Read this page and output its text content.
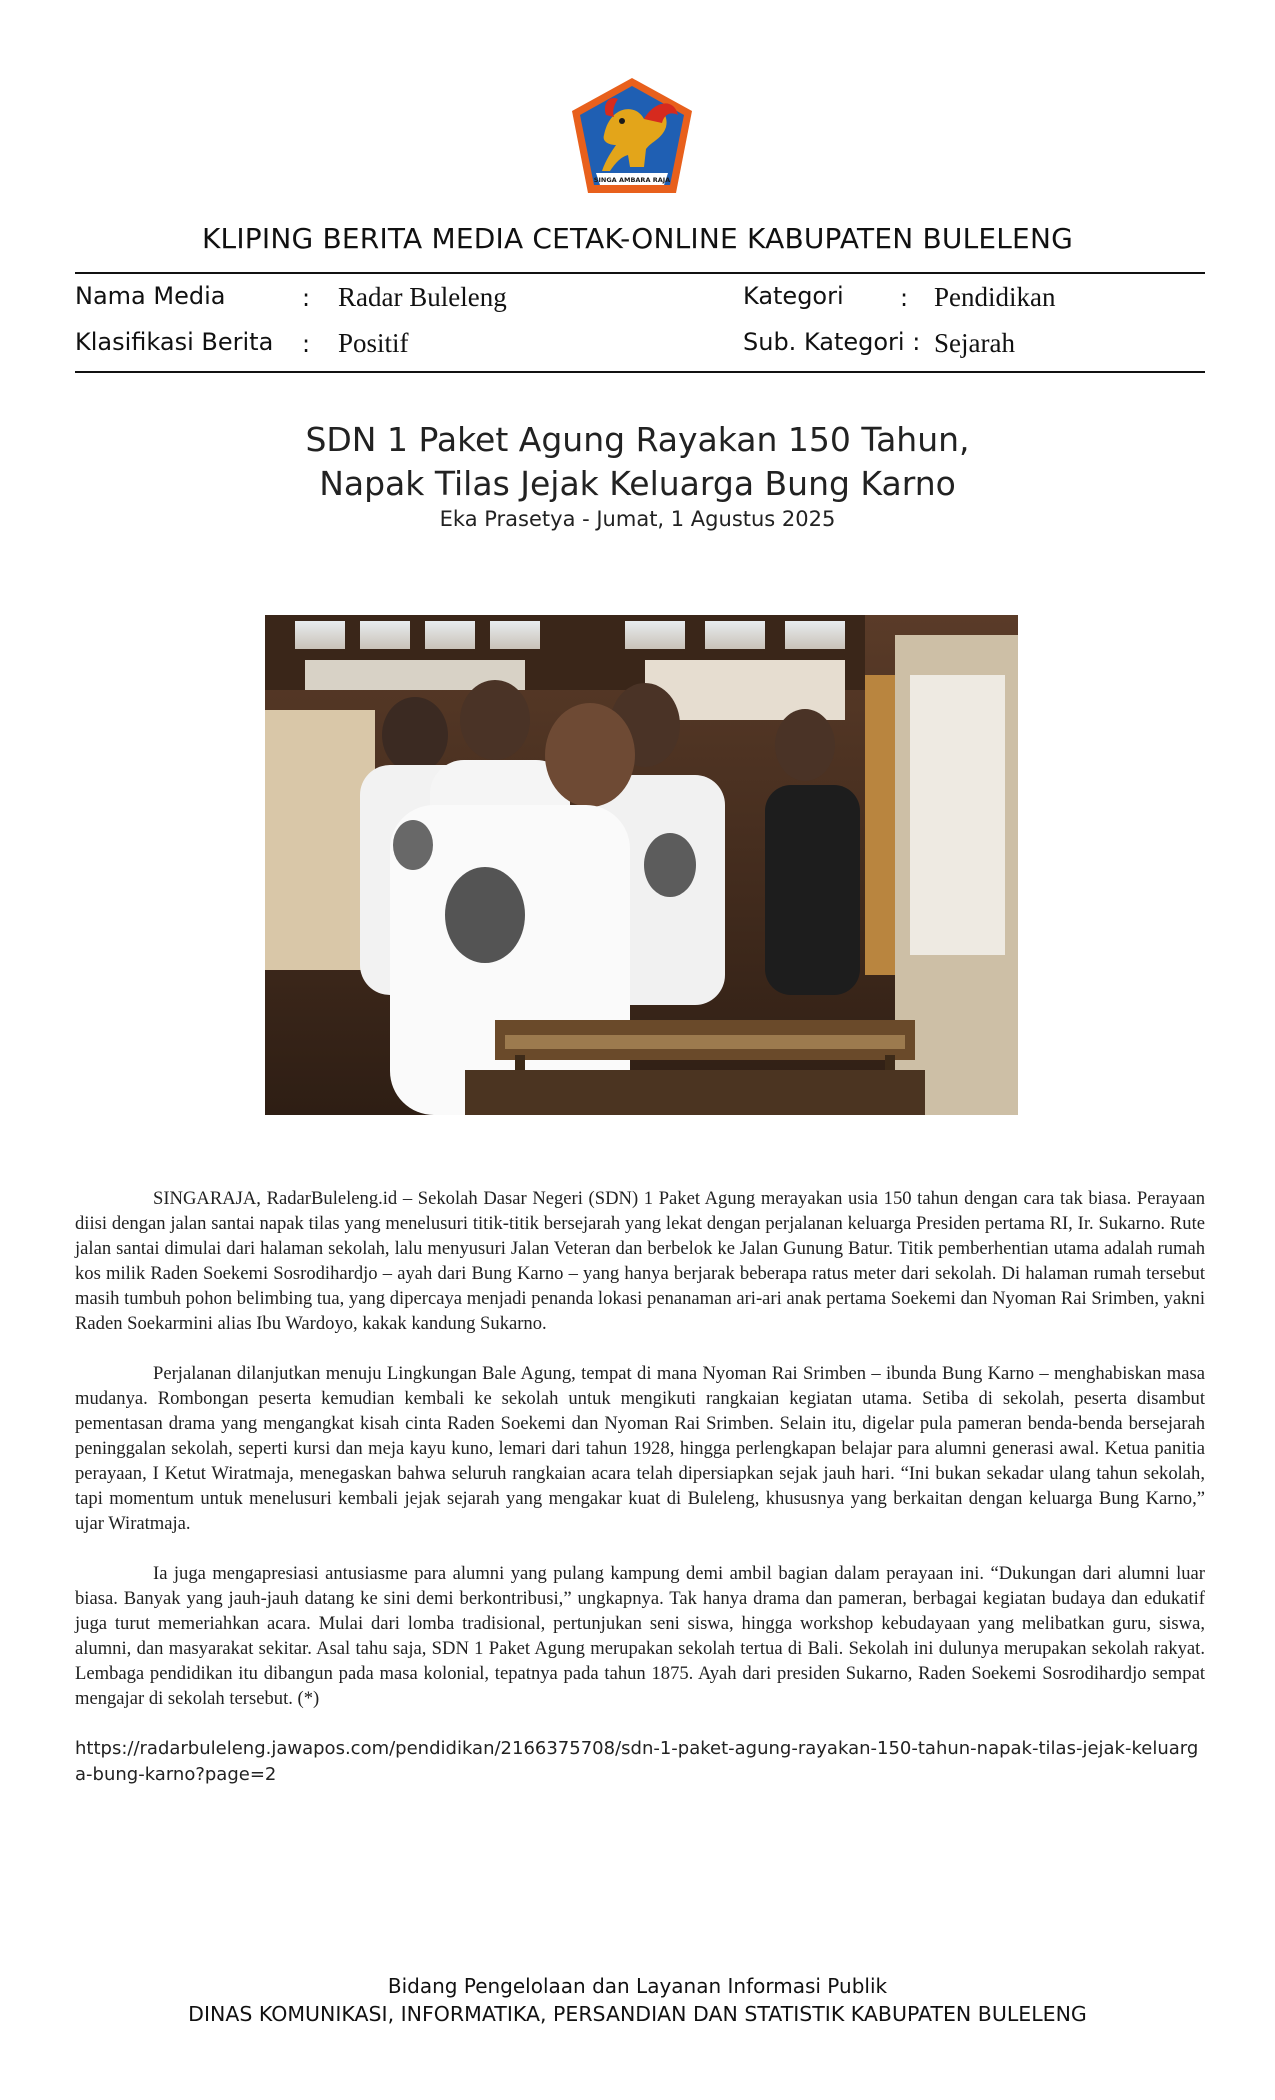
SINGA AMBARA RAJA
KLIPING BERITA MEDIA CETAK-ONLINE KABUPATEN BULELENG
Nama Media	: Radar Buleleng
Klasifikasi Berita : Positif
Kategori : Pendidikan
Sub. Kategori : Sejarah
SDN 1 Paket Agung Rayakan 150 Tahun,
Napak Tilas Jejak Keluarga Bung Karno
Eka Prasetya - Jumat, 1 Agustus 2025

SINGARAJA, RadarBuleleng.id – Sekolah Dasar Negeri (SDN) 1 Paket Agung merayakan usia 150 tahun dengan cara tak biasa. Perayaan diisi dengan jalan santai napak tilas yang menelusuri titik-titik bersejarah yang lekat dengan perjalanan keluarga Presiden pertama RI, Ir. Sukarno. Rute jalan santai dimulai dari halaman sekolah, lalu menyusuri Jalan Veteran dan berbelok ke Jalan Gunung Batur. Titik pemberhentian utama adalah rumah kos milik Raden Soekemi Sosrodihardjo – ayah dari Bung Karno – yang hanya berjarak beberapa ratus meter dari sekolah. Di halaman rumah tersebut masih tumbuh pohon belimbing tua, yang dipercaya menjadi penanda lokasi penanaman ari-ari anak pertama Soekemi dan Nyoman Rai Srimben, yakni Raden Soekarmini alias Ibu Wardoyo, kakak kandung Sukarno.

Perjalanan dilanjutkan menuju Lingkungan Bale Agung, tempat di mana Nyoman Rai Srimben – ibunda Bung Karno – menghabiskan masa mudanya. Rombongan peserta kemudian kembali ke sekolah untuk mengikuti rangkaian kegiatan utama. Setiba di sekolah, peserta disambut pementasan drama yang mengangkat kisah cinta Raden Soekemi dan Nyoman Rai Srimben. Selain itu, digelar pula pameran benda-benda bersejarah peninggalan sekolah, seperti kursi dan meja kayu kuno, lemari dari tahun 1928, hingga perlengkapan belajar para alumni generasi awal. Ketua panitia perayaan, I Ketut Wiratmaja, menegaskan bahwa seluruh rangkaian acara telah dipersiapkan sejak jauh hari. “Ini bukan sekadar ulang tahun sekolah, tapi momentum untuk menelusuri kembali jejak sejarah yang mengakar kuat di Buleleng, khususnya yang berkaitan dengan keluarga Bung Karno,” ujar Wiratmaja.

Ia juga mengapresiasi antusiasme para alumni yang pulang kampung demi ambil bagian dalam perayaan ini. “Dukungan dari alumni luar biasa. Banyak yang jauh-jauh datang ke sini demi berkontribusi,” ungkapnya. Tak hanya drama dan pameran, berbagai kegiatan budaya dan edukatif juga turut memeriahkan acara. Mulai dari lomba tradisional, pertunjukan seni siswa, hingga workshop kebudayaan yang melibatkan guru, siswa, alumni, dan masyarakat sekitar. Asal tahu saja, SDN 1 Paket Agung merupakan sekolah tertua di Bali. Sekolah ini dulunya merupakan sekolah rakyat. Lembaga pendidikan itu dibangun pada masa kolonial, tepatnya pada tahun 1875. Ayah dari presiden Sukarno, Raden Soekemi Sosrodihardjo sempat mengajar di sekolah tersebut. (*)

https://radarbuleleng.jawapos.com/pendidikan/2166375708/sdn-1-paket-agung-rayakan-150-tahun-napak-tilas-jejak-keluarga-bung-karno?page=2

Bidang Pengelolaan dan Layanan Informasi Publik
DINAS KOMUNIKASI, INFORMATIKA, PERSANDIAN DAN STATISTIK KABUPATEN BULELENG
